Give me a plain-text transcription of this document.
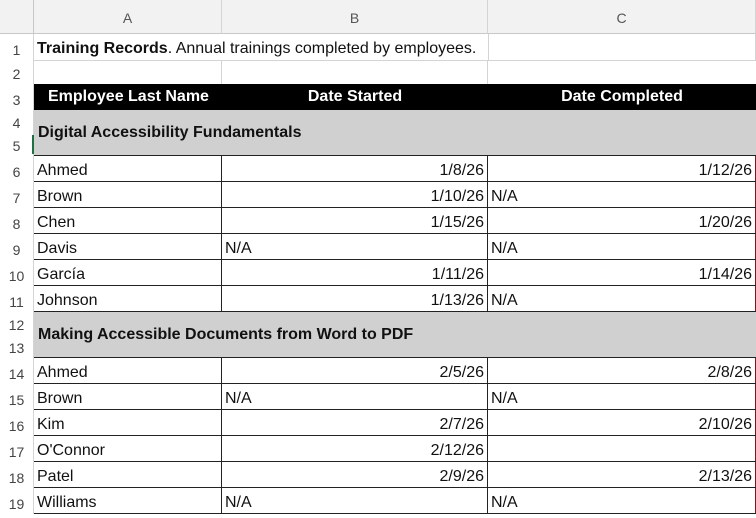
A	B	C
1 Training Records . Annual trainings completed by employees.
2
3	Employee Last Name	Date Started	Date Completed
4
5
Digital Accessibility Fundamentals
6 Ahmed	1/8/26	1/12/26
7 Brown	1/10/26 N/A
8 Chen	1/15/26	1/20/26
9 Davis	N/A	N/A
10 García	1/11/26	1/14/26
11 Johnson	1/13/26 N/A
12
13
Making Accessible Documents from Word to PDF
14 Ahmed	2/5/26	2/8/26
15 Brown	N/A	N/A
16 Kim	2/7/26	2/10/26
17 O'Connor	2/12/26
18 Patel	2/9/26	2/13/26
19 Williams	N/A	N/A
